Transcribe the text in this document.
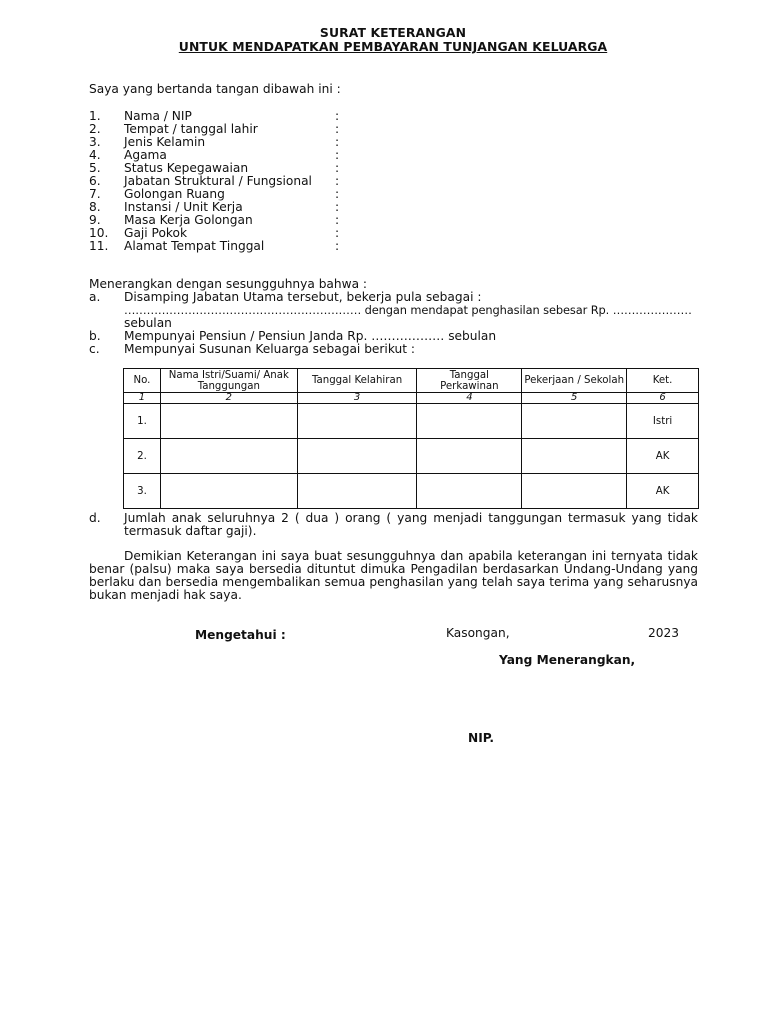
SURAT KETERANGAN
UNTUK MENDAPATKAN PEMBAYARAN TUNJANGAN KELUARGA
Saya yang bertanda tangan dibawah ini :
1. Nama / NIP	:
2. Tempat / tanggal lahir	:
3. Jenis Kelamin	:
4. Agama	:
5. Status Kepegawaian	:
6. Jabatan Struktural / Fungsional :
7. Golongan Ruang	:
8. Instansi / Unit Kerja	:
9. Masa Kerja Golongan	:
10. Gaji Pokok	:
11. Alamat Tempat Tinggal	:
Menerangkan dengan sesungguhnya bahwa :
a. Disamping Jabatan Utama tersebut, bekerja pula sebagai :
……………………………………………………… dengan mendapat penghasilan sebesar Rp. …………………
sebulan
b. Mempunyai Pensiun / Pensiun Janda Rp. ……………… sebulan
c. Mempunyai Susunan Keluarga sebagai berikut :
No.	Nama Istri/Suami/ Anak Tanggungan	Tanggal Kelahiran	Tanggal Perkawinan	Pekerjaan / Sekolah	Ket.
1	2	3	4	5	6
1.					Istri
2.					AK
3.					AK
d. Jumlah anak seluruhnya 2 ( dua ) orang ( yang menjadi tanggungan termasuk yang tidak termasuk daftar gaji).
Demikian Keterangan ini saya buat sesungguhnya dan apabila keterangan ini ternyata tidak benar (palsu) maka saya bersedia dituntut dimuka Pengadilan berdasarkan Undang-Undang yang berlaku dan bersedia mengembalikan semua penghasilan yang telah saya terima yang seharusnya bukan menjadi hak saya.
Mengetahui :	Kasongan,	2023
Yang Menerangkan,
NIP.
